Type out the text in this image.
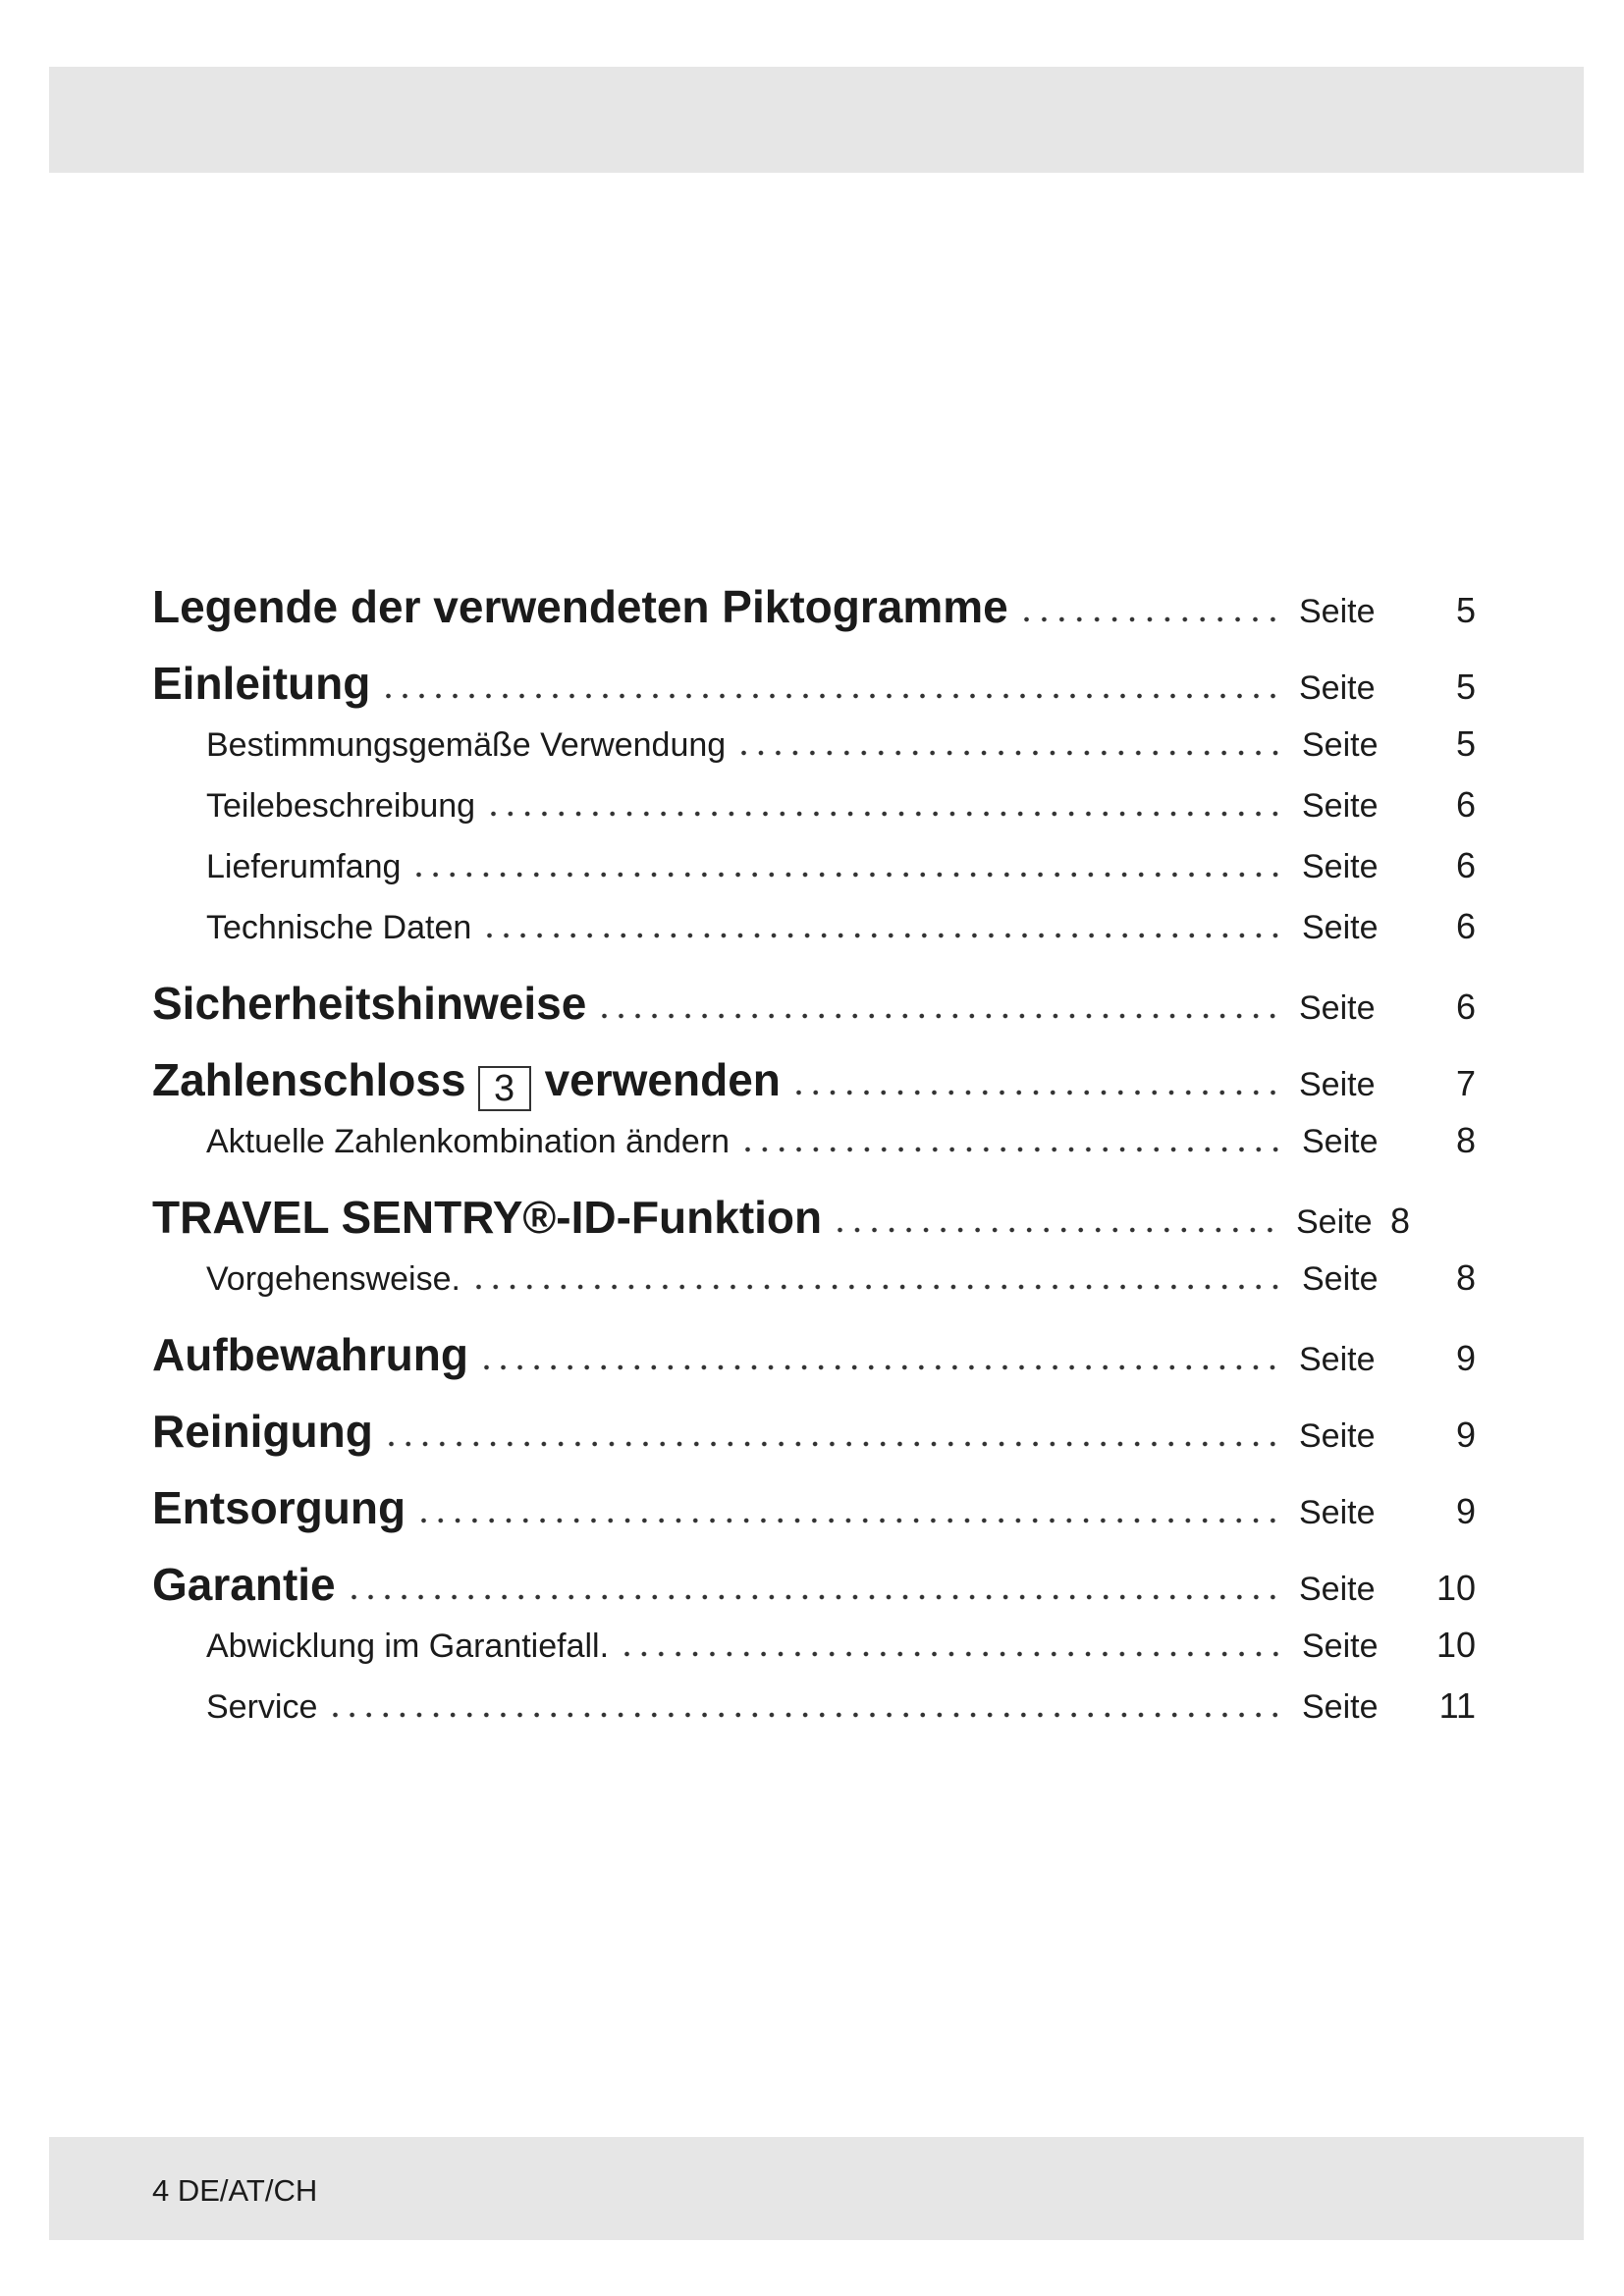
Legende der verwendeten Piktogramme	Seite	5
Einleitung	Seite	5
Bestimmungsgemäße Verwendung	Seite	5
Teilebeschreibung	Seite	6
Lieferumfang	Seite	6
Technische Daten	Seite	6
Sicherheitshinweise	Seite	6
Zahlenschloss 3 verwenden	Seite	7
Aktuelle Zahlenkombination ändern	Seite	8
TRAVEL SENTRY®-ID-Funktion	Seite 8
Vorgehensweise.	Seite	8
Aufbewahrung	Seite	9
Reinigung	Seite	9
Entsorgung	Seite	9
Garantie	Seite	10
Abwicklung im Garantiefall.	Seite	10
Service	Seite	11
4 DE/AT/CH
